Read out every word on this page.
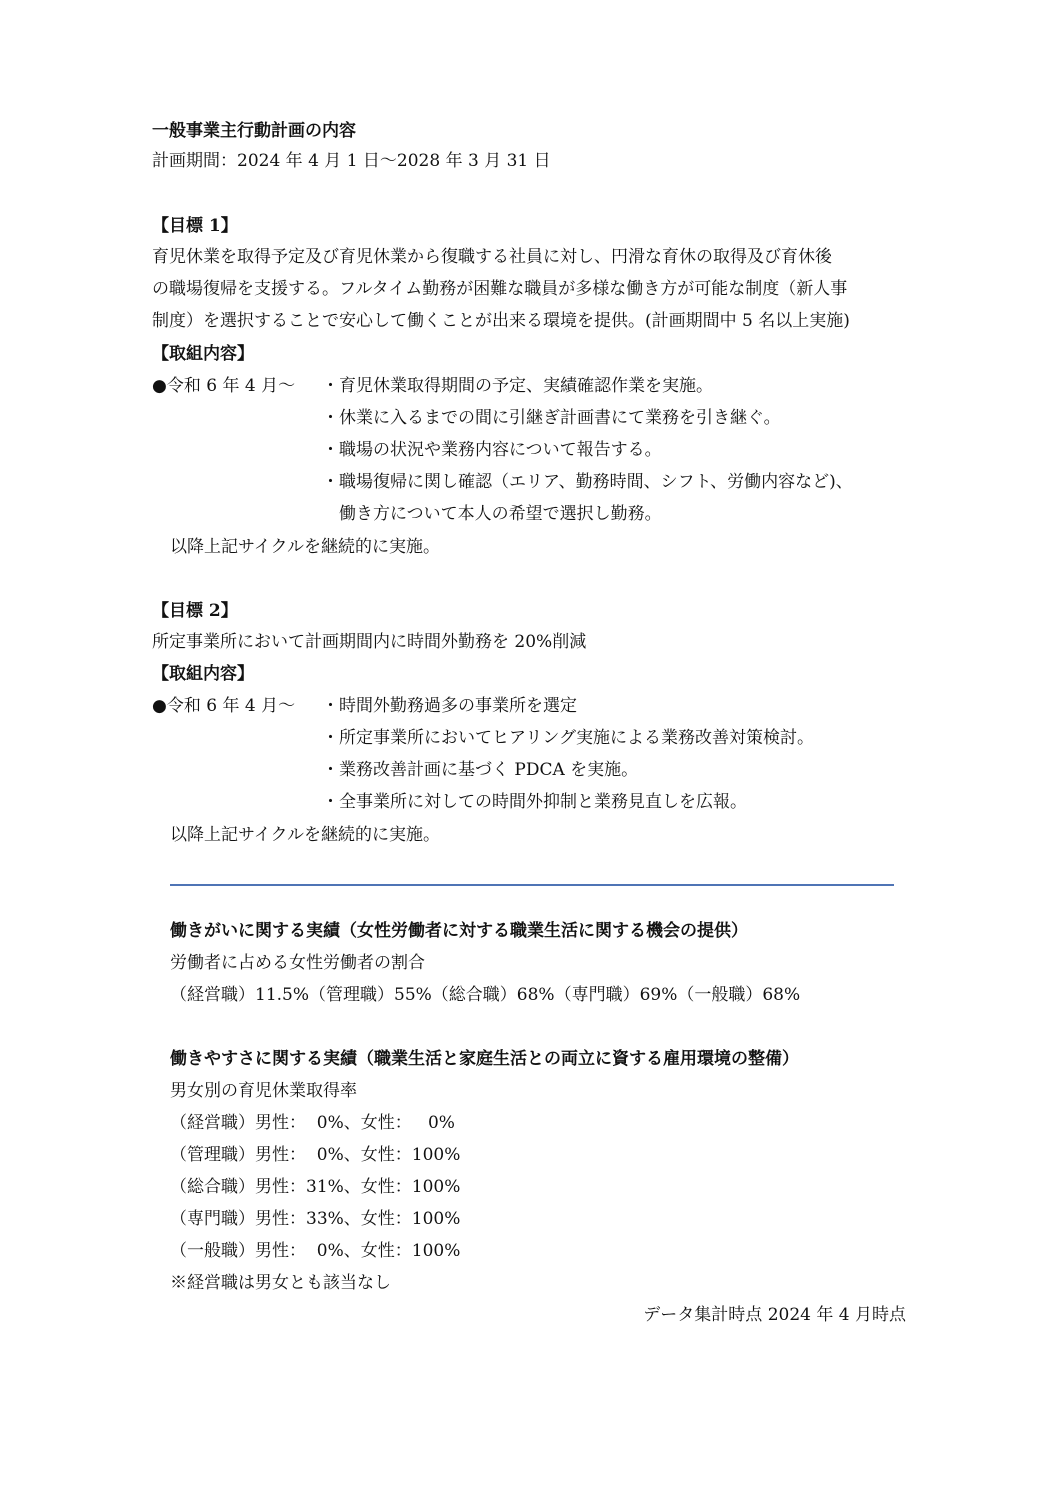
一般事業主行動計画の内容

計画期間：2024 年 4 月 1 日～2028 年 3 月 31 日

【目標 1】

育児休業を取得予定及び育児休業から復職する社員に対し、円滑な育休の取得及び育休後

の職場復帰を支援する。フルタイム勤務が困難な職員が多様な働き方が可能な制度（新人事

制度）を選択することで安心して働くことが出来る環境を提供。(計画期間中 5 名以上実施)

【取組内容】

●令和 6 年 4 月～ ・育児休業取得期間の予定、実績確認作業を実施。

・休業に入るまでの間に引継ぎ計画書にて業務を引き継ぐ。

・職場の状況や業務内容について報告する。

・職場復帰に関し確認（エリア、勤務時間、シフト、労働内容など)、

　働き方について本人の希望で選択し勤務。

以降上記サイクルを継続的に実施。

【目標 2】

所定事業所において計画期間内に時間外勤務を 20%削減

【取組内容】

●令和 6 年 4 月～ ・時間外勤務過多の事業所を選定

・所定事業所においてヒアリング実施による業務改善対策検討。

・業務改善計画に基づく PDCA を実施。

・全事業所に対しての時間外抑制と業務見直しを広報。

以降上記サイクルを継続的に実施。

働きがいに関する実績（女性労働者に対する職業生活に関する機会の提供）

労働者に占める女性労働者の割合

（経営職）11.5%（管理職）55%（総合職）68%（専門職）69%（一般職）68%

働きやすさに関する実績（職業生活と家庭生活との両立に資する雇用環境の整備）

男女別の育児休業取得率

（経営職）男性：  0%、女性：   0%

（管理職）男性：  0%、女性：100%

（総合職）男性：31%、女性：100%

（専門職）男性：33%、女性：100%

（一般職）男性：  0%、女性：100%

※経営職は男女とも該当なし

データ集計時点 2024 年 4 月時点
